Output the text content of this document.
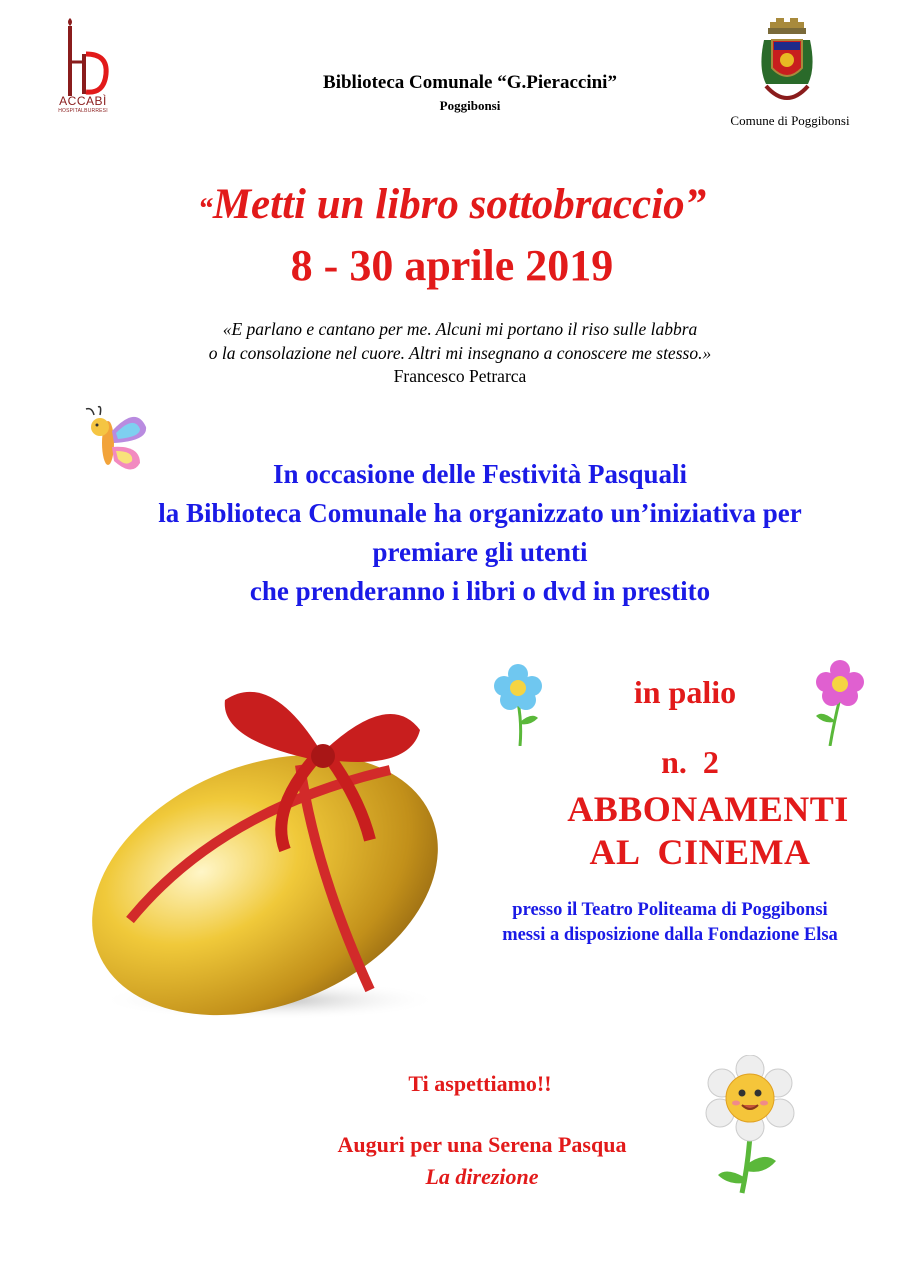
ACCABÌ
HOSPITALBURRESI
Biblioteca Comunale “G.Pieraccini”
Poggibonsi
Comune di Poggibonsi
“Metti un libro sottobraccio”
8 - 30 aprile 2019
«E parlano e cantano per me. Alcuni mi portano il riso sulle labbra
o la consolazione nel cuore. Altri mi insegnano a conoscere me stesso.»
Francesco Petrarca
In occasione delle Festività Pasquali
la Biblioteca Comunale ha organizzato un’iniziativa per
premiare gli utenti
che prenderanno i libri o dvd in prestito
in palio
n.  2
ABBONAMENTI
AL  CINEMA
presso il Teatro Politeama di Poggibonsi
messi a disposizione dalla Fondazione Elsa
Ti aspettiamo!!
Auguri per una Serena Pasqua
La direzione
